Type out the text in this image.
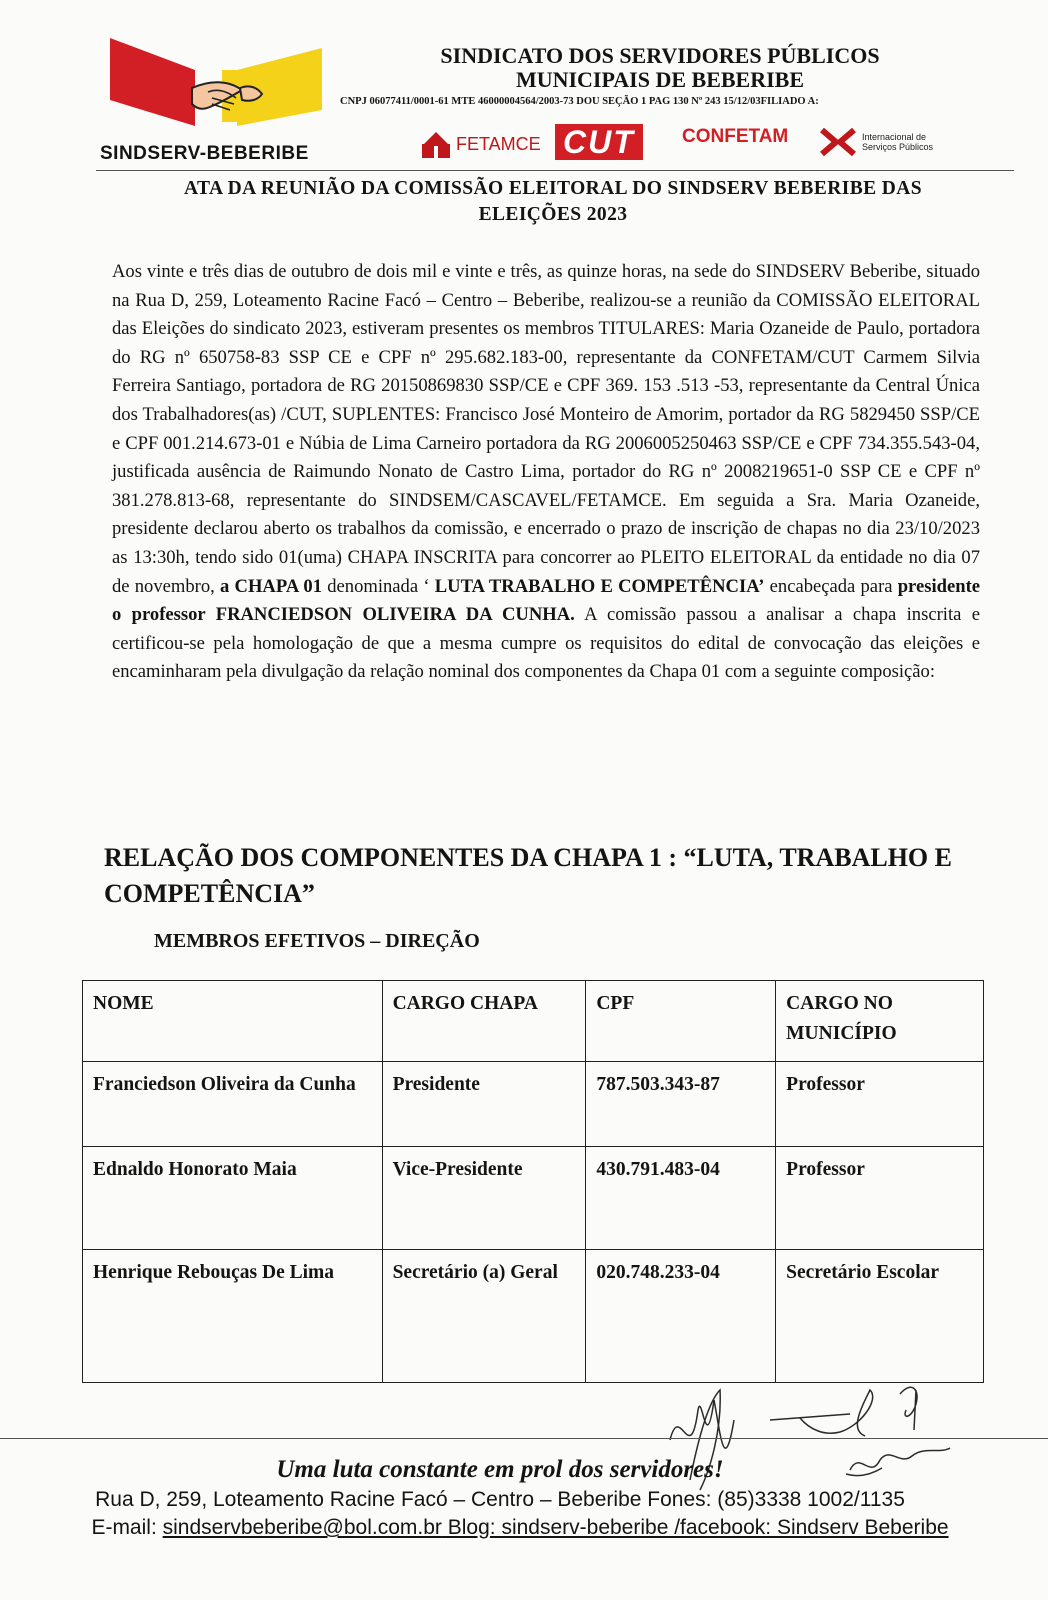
SINDSERV-BEBERIBE
SINDICATO DOS SERVIDORES PÚBLICOS
MUNICIPAIS DE BEBERIBE
CNPJ 06077411/0001-61 MTE 46000004564/2003-73 DOU SEÇÃO 1 PAG 130 Nº 243 15/12/03FILIADO A:
FETAMCE CUT	CONFETAM	Internacional de
Serviços Públicos
ATA DA REUNIÃO DA COMISSÃO ELEITORAL DO SINDSERV BEBERIBE DAS
ELEIÇÕES 2023
Aos vinte e três dias de outubro de dois mil e vinte e três, as quinze horas, na sede do SINDSERV Beberibe, situado na Rua D, 259, Loteamento Racine Facó – Centro – Beberibe, realizou-se a reunião da COMISSÃO ELEITORAL das Eleições do sindicato 2023, estiveram presentes os membros TITULARES: Maria Ozaneide de Paulo, portadora do RG nº 650758-83 SSP CE e CPF nº 295.682.183-00, representante da CONFETAM/CUT Carmem Silvia Ferreira Santiago, portadora de RG 20150869830 SSP/CE e CPF 369. 153 .513 -53, representante da Central Única dos Trabalhadores(as) /CUT, SUPLENTES: Francisco José Monteiro de Amorim, portador da RG 5829450 SSP/CE e CPF 001.214.673-01 e Núbia de Lima Carneiro portadora da RG 2006005250463 SSP/CE e CPF 734.355.543-04, justificada ausência de Raimundo Nonato de Castro Lima, portador do RG nº 2008219651-0 SSP CE e CPF nº 381.278.813-68, representante do SINDSEM/CASCAVEL/FETAMCE. Em seguida a Sra. Maria Ozaneide, presidente declarou aberto os trabalhos da comissão, e encerrado o prazo de inscrição de chapas no dia 23/10/2023 as 13:30h, tendo sido 01(uma) CHAPA INSCRITA para concorrer ao PLEITO ELEITORAL da entidade no dia 07 de novembro, a CHAPA 01 denominada ‘ LUTA TRABALHO E COMPETÊNCIA’ encabeçada para presidente o professor FRANCIEDSON OLIVEIRA DA CUNHA. A comissão passou a analisar a chapa inscrita e certificou-se pela homologação de que a mesma cumpre os requisitos do edital de convocação das eleições e encaminharam pela divulgação da relação nominal dos componentes da Chapa 01 com a seguinte composição:
RELAÇÃO DOS COMPONENTES DA CHAPA 1 : “LUTA, TRABALHO E COMPETÊNCIA”
MEMBROS EFETIVOS – DIREÇÃO
NOME	CARGO CHAPA	CPF	CARGO NO MUNICÍPIO
Franciedson Oliveira da Cunha	Presidente	787.503.343-87	Professor
Ednaldo Honorato Maia	Vice-Presidente	430.791.483-04	Professor
Henrique Rebouças De Lima	Secretário (a) Geral	020.748.233-04	Secretário Escolar
Uma luta constante em prol dos servidores!
Rua D, 259, Loteamento Racine Facó – Centro – Beberibe Fones: (85)3338 1002/1135
E-mail: sindservbeberibe@bol.com.br Blog: sindserv-beberibe /facebook: Sindserv Beberibe
